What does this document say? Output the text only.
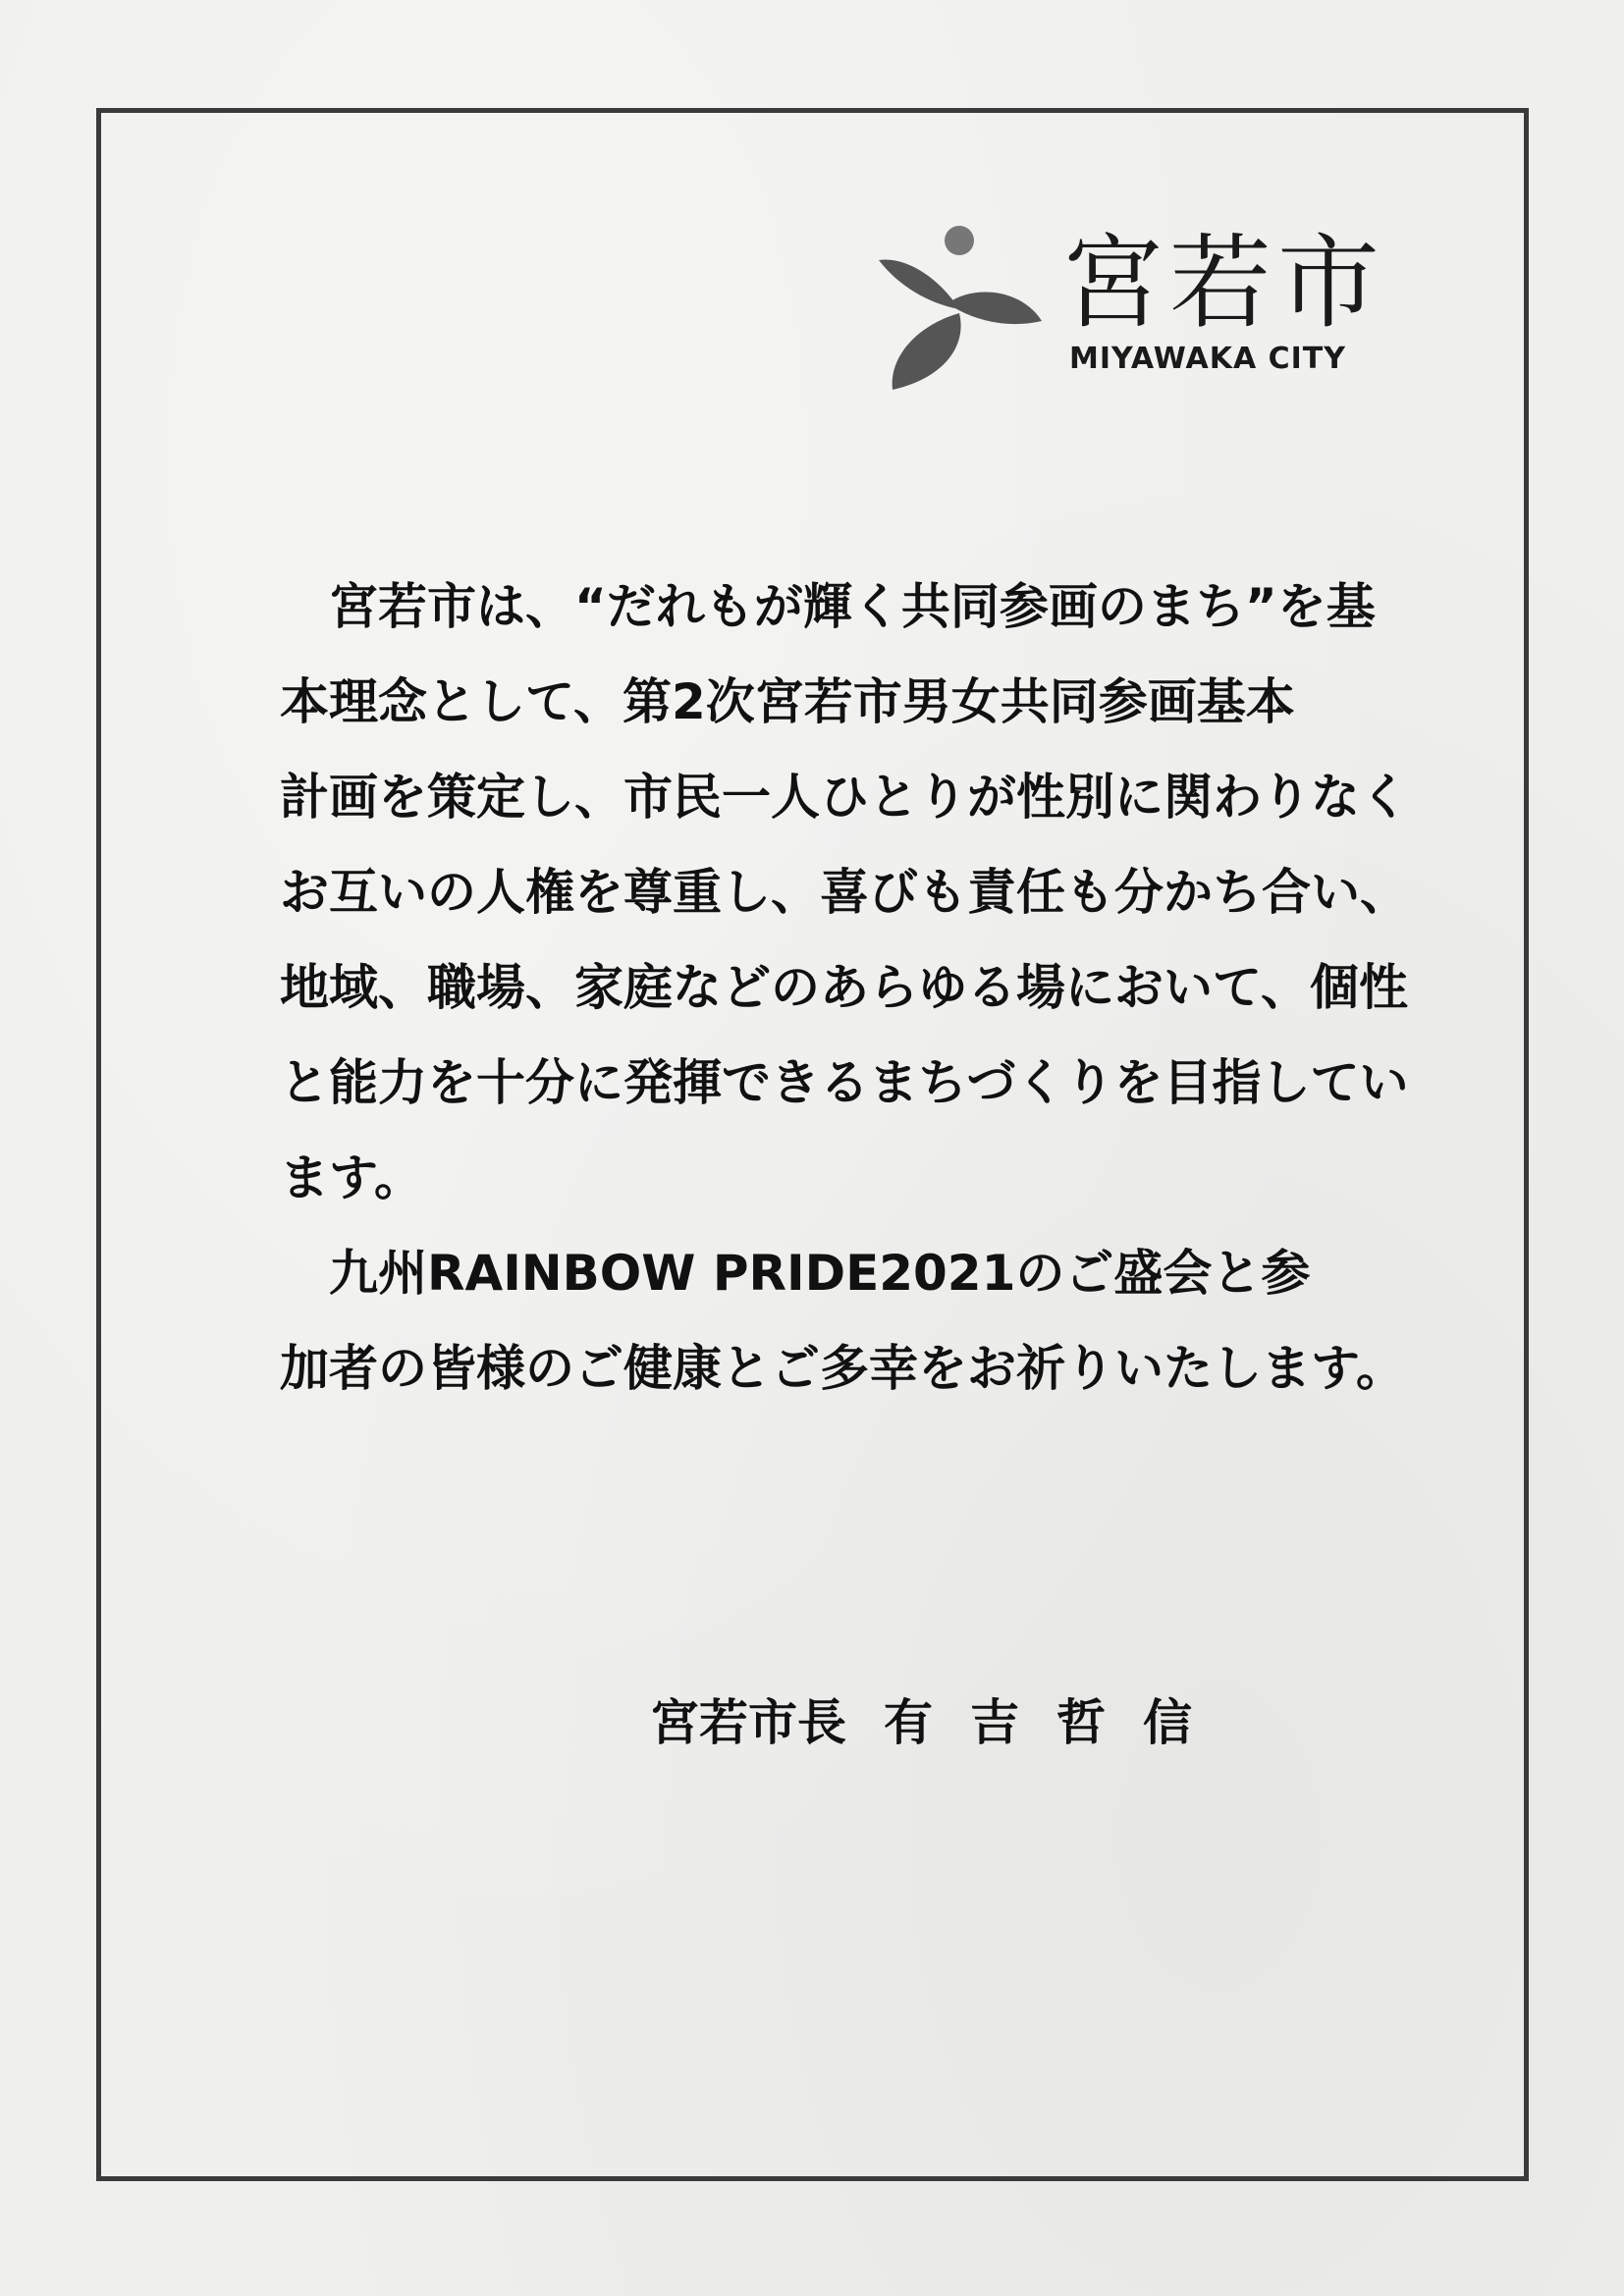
宮若市
MIYAWAKA CITY
　宮若市は、“だれもが輝く共同参画のまち”を基
本理念として、第2次宮若市男女共同参画基本
計画を策定し、市民一人ひとりが性別に関わりなく
お互いの人権を尊重し、喜びも責任も分かち合い、
地域、職場、家庭などのあらゆる場において、個性
と能力を十分に発揮できるまちづくりを目指してい
ます。
　九州RAINBOW PRIDE2021のご盛会と参
加者の皆様のご健康とご多幸をお祈りいたします。
宮若市長 有吉哲信
